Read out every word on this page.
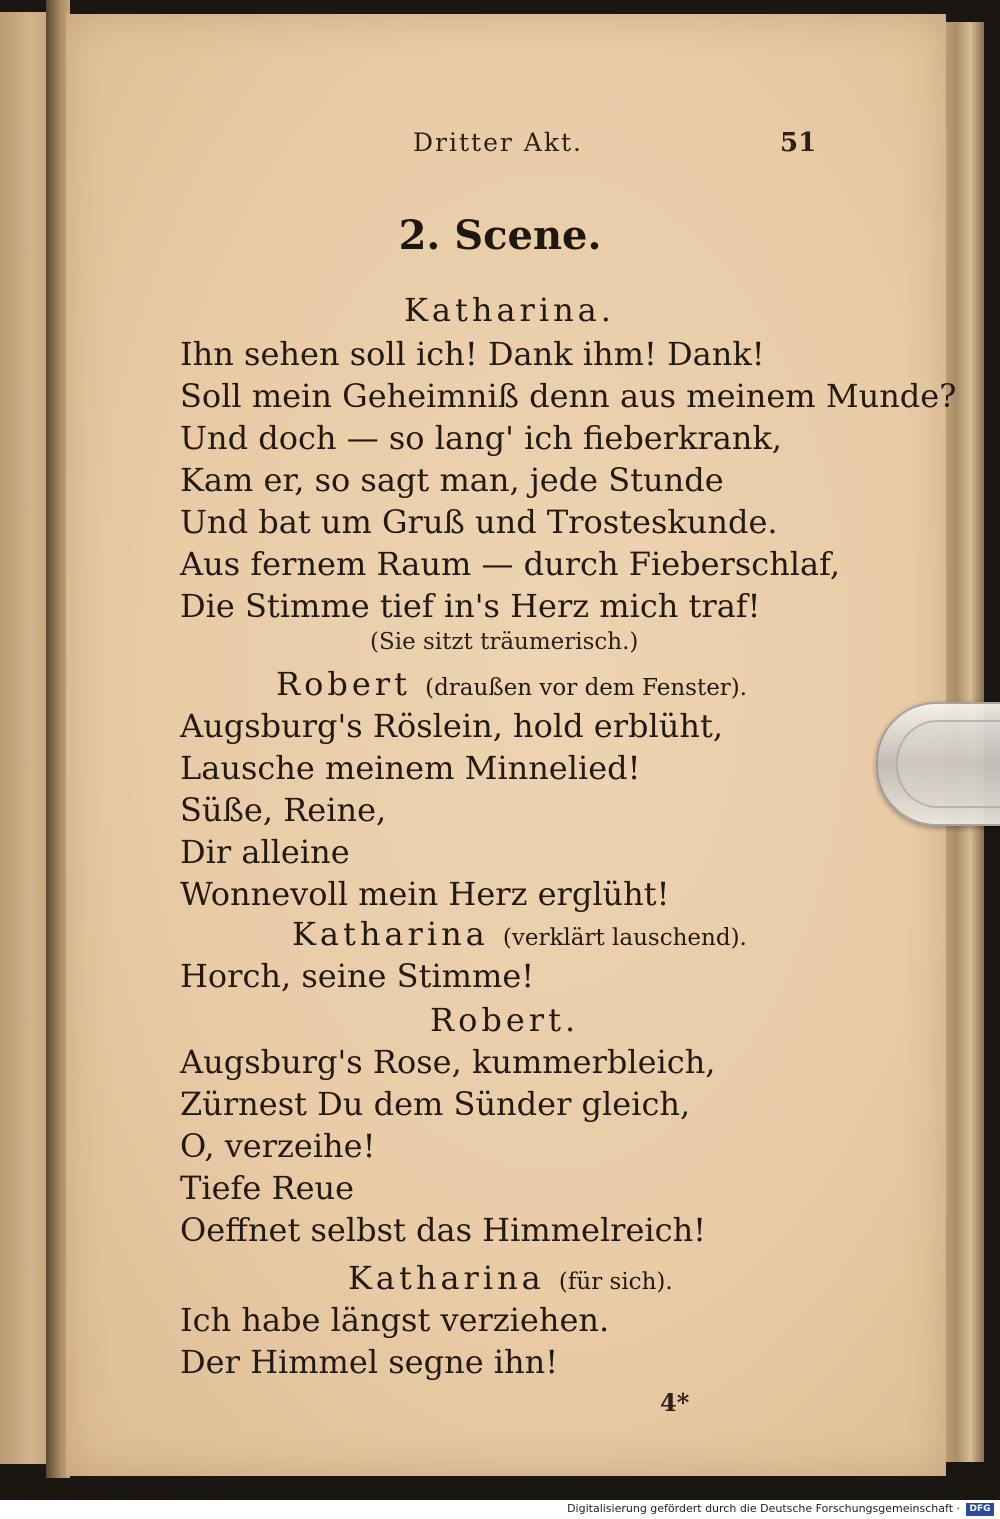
Dritter Akt.	51
2. Scene.
Katharina.
Ihn sehen soll ich! Dank ihm! Dank!
Soll mein Geheimniß denn aus meinem Munde?
Und doch — so lang' ich fieberkrank,
Kam er, so sagt man, jede Stunde
Und bat um Gruß und Trosteskunde.
Aus fernem Raum — durch Fieberschlaf,
Die Stimme tief in's Herz mich traf!
(Sie sitzt träumerisch.)
Robert (draußen vor dem Fenster).
Augsburg's Röslein, hold erblüht,
Lausche meinem Minnelied!
Süße, Reine,
Dir alleine
Wonnevoll mein Herz erglüht!
Katharina (verklärt lauschend).
Horch, seine Stimme!
Robert.
Augsburg's Rose, kummerbleich,
Zürnest Du dem Sünder gleich,
O, verzeihe!
Tiefe Reue
Oeffnet selbst das Himmelreich!
Katharina (für sich).
Ich habe längst verziehen.
Der Himmel segne ihn!
4*
Digitalisierung gefördert durch die Deutsche Forschungsgemeinschaft ·	DFG
